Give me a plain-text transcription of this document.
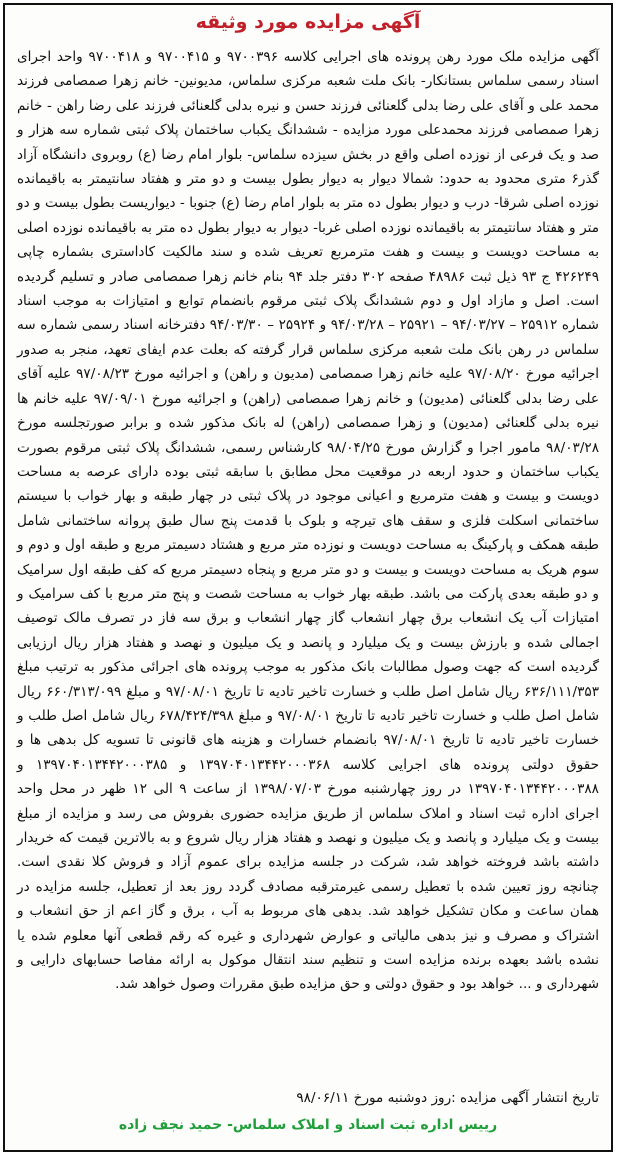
آگهی مزایده مورد وثیقه

آگهی مزایده ملک مورد رهن پرونده های اجرایی کلاسه ۹۷۰۰۳۹۶ و ۹۷۰۰۴۱۵ و ۹۷۰۰۴۱۸ واحد اجرای اسناد رسمی سلماس بستانکار- بانک ملت شعبه مرکزی سلماس، مدیونین- خانم زهرا صمصامی فرزند محمد علی و آقای علی رضا بدلی گلعنائی فرزند حسن و نیره بدلی گلعنائی فرزند علی رضا راهن - خانم زهرا صمصامی فرزند محمدعلی مورد مزایده - ششدانگ یکباب ساختمان پلاک ثبتی شماره سه هزار و صد و یک فرعی از نوزده اصلی واقع در بخش سیزده سلماس- بلوار امام رضا (ع) روبروی دانشگاه آزاد گذر۶ متری محدود به حدود: شمالا دیوار به دیوار بطول بیست و دو متر و هفتاد سانتیمتر به باقیمانده نوزده اصلی شرقا- درب و دیوار بطول ده متر به بلوار امام رضا (ع) جنوبا - دیواریست بطول بیست و دو متر و هفتاد سانتیمتر به باقیمانده نوزده اصلی غربا- دیوار به دیوار بطول ده متر به باقیمانده نوزده اصلی به مساحت دویست و بیست و هفت مترمربع تعریف شده و سند مالکیت کاداستری بشماره چاپی ۴۲۶۲۴۹ ج ۹۳ ذیل ثبت ۴۸۹۸۶ صفحه ۳۰۲ دفتر جلد ۹۴ بنام خانم زهرا صمصامی صادر و تسلیم گردیده است. اصل و مازاد اول و دوم ششدانگ پلاک ثبتی مرقوم بانضمام توابع و امتیازات به موجب اسناد شماره ۲۵۹۱۲ – ۹۴/۰۳/۲۷ – ۲۵۹۲۱ – ۹۴/۰۳/۲۸ و ۲۵۹۲۴ – ۹۴/۰۳/۳۰ دفترخانه اسناد رسمی شماره سه سلماس در رهن بانک ملت شعبه مرکزی سلماس قرار گرفته که بعلت عدم ایفای تعهد، منجر به صدور اجرائیه مورخ ۹۷/۰۸/۲۰ علیه خانم زهرا صمصامی (مدیون و راهن) و اجرائیه مورخ ۹۷/۰۸/۲۳ علیه آقای علی رضا بدلی گلعنائی (مدیون) و خانم زهرا صمصامی (راهن) و اجرائیه مورخ ۹۷/۰۹/۰۱ علیه خانم ها نیره بدلی گلعنائی (مدیون) و زهرا صمصامی (راهن) له بانک مذکور شده و برابر صورتجلسه مورخ ۹۸/۰۳/۲۸ مامور اجرا و گزارش مورخ ۹۸/۰۴/۲۵ کارشناس رسمی، ششدانگ پلاک ثبتی مرقوم بصورت یکباب ساختمان و حدود اربعه در موقعیت محل مطابق با سابقه ثبتی بوده دارای عرصه به مساحت دویست و بیست و هفت مترمربع و اعیانی موجود در پلاک ثبتی در چهار طبقه و بهار خواب با سیستم ساختمانی اسکلت فلزی و سقف های تیرچه و بلوک با قدمت پنج سال طبق پروانه ساختمانی شامل طبقه همکف و پارکینگ به مساحت دویست و نوزده متر مربع و هشتاد دسیمتر مربع و طبقه اول و دوم و سوم هریک به مساحت دویست و بیست و دو متر مربع و پنجاه دسیمتر مربع که کف طبقه اول سرامیک و دو طبقه بعدی پارکت می باشد. طبقه بهار خواب به مساحت شصت و پنج متر مربع با کف سرامیک و امتیازات آب یک انشعاب برق چهار انشعاب گاز چهار انشعاب و برق سه فاز در تصرف مالک توصیف اجمالی شده و بارزش بیست و یک میلیارد و پانصد و یک میلیون و نهصد و هفتاد هزار ریال ارزیابی گردیده است که جهت وصول مطالبات بانک مذکور به موجب پرونده های اجرائی مذکور به ترتیب مبلغ ۶۳۶/۱۱۱/۳۵۳ ریال شامل اصل طلب و خسارت تاخیر تادیه تا تاریخ ۹۷/۰۸/۰۱ و مبلغ ۶۶۰/۳۱۳/۰۹۹ ریال شامل اصل طلب و خسارت تاخیر تادیه تا تاریخ ۹۷/۰۸/۰۱ و مبلغ ۶۷۸/۴۲۴/۳۹۸ ریال شامل اصل طلب و خسارت تاخیر تادیه تا تاریخ ۹۷/۰۸/۰۱ بانضمام خسارات و هزینه های قانونی تا تسویه کل بدهی ها و حقوق دولتی پرونده های اجرایی کلاسه ۱۳۹۷۰۴۰۱۳۴۴۲۰۰۰۳۶۸ و ۱۳۹۷۰۴۰۱۳۴۴۲۰۰۰۳۸۵ و ۱۳۹۷۰۴۰۱۳۴۴۲۰۰۰۳۸۸ در روز چهارشنبه مورخ ۱۳۹۸/۰۷/۰۳ از ساعت ۹ الی ۱۲ ظهر در محل واحد اجرای اداره ثبت اسناد و املاک سلماس از طریق مزایده حضوری بفروش می رسد و مزایده از مبلغ بیست و یک میلیارد و پانصد و یک میلیون و نهصد و هفتاد هزار ریال شروع و به بالاترین قیمت که خریدار داشته باشد فروخته خواهد شد، شرکت در جلسه مزایده برای عموم آزاد و فروش کلا نقدی است. چنانچه روز تعیین شده با تعطیل رسمی غیرمترقبه مصادف گردد روز بعد از تعطیل، جلسه مزایده در همان ساعت و مکان تشکیل خواهد شد. بدهی های مربوط به آب ، برق و گاز اعم از حق انشعاب و اشتراک و مصرف و نیز بدهی مالیاتی و عوارض شهرداری و غیره که رقم قطعی آنها معلوم شده یا نشده باشد بعهده برنده مزایده است و تنظیم سند انتقال موکول به ارائه مفاصا حسابهای دارایی و شهرداری و ... خواهد بود و حقوق دولتی و حق مزایده طبق مقررات وصول خواهد شد.

تاریخ انتشار آگهی مزایده :روز دوشنبه مورخ ۹۸/۰۶/۱۱

رییس اداره ثبت اسناد و املاک سلماس- حمید نجف زاده
